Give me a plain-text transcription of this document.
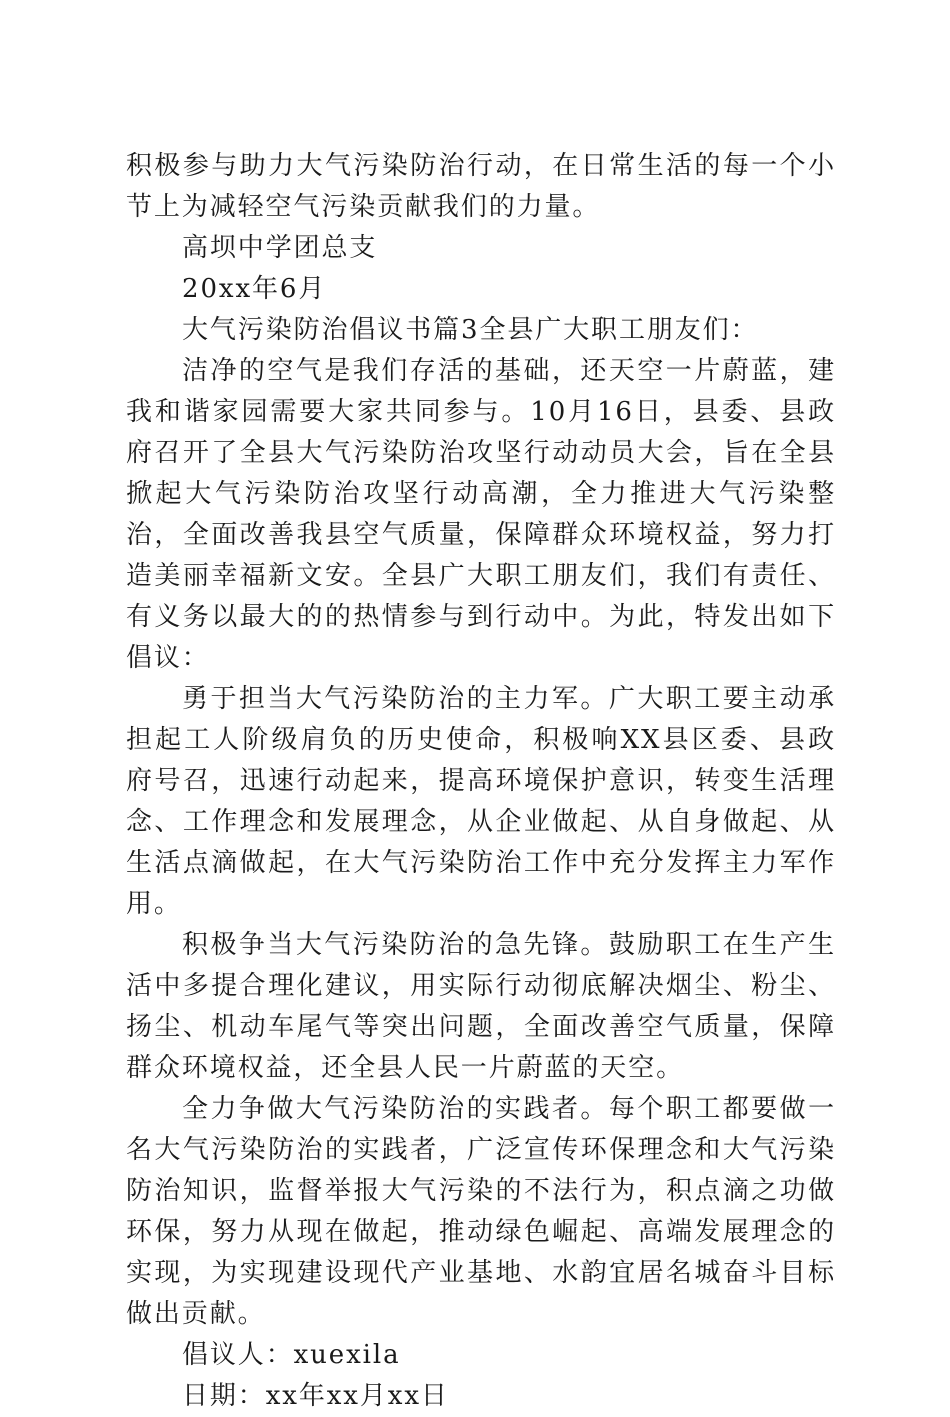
积极参与助力大气污染防治行动，在日常生活的每一个小节上为减轻空气污染贡献我们的力量。

高坝中学团总支

20xx年6月

大气污染防治倡议书篇3全县广大职工朋友们：

洁净的空气是我们存活的基础，还天空一片蔚蓝，建我和谐家园需要大家共同参与。10月16日，县委、县政府召开了全县大气污染防治攻坚行动动员大会，旨在全县掀起大气污染防治攻坚行动高潮，全力推进大气污染整治，全面改善我县空气质量，保障群众环境权益，努力打造美丽幸福新文安。全县广大职工朋友们，我们有责任、有义务以最大的的热情参与到行动中。为此，特发出如下倡议：

勇于担当大气污染防治的主力军。广大职工要主动承担起工人阶级肩负的历史使命，积极响XX县区委、县政府号召，迅速行动起来，提高环境保护意识，转变生活理念、工作理念和发展理念，从企业做起、从自身做起、从生活点滴做起，在大气污染防治工作中充分发挥主力军作用。

积极争当大气污染防治的急先锋。鼓励职工在生产生活中多提合理化建议，用实际行动彻底解决烟尘、粉尘、扬尘、机动车尾气等突出问题，全面改善空气质量，保障群众环境权益，还全县人民一片蔚蓝的天空。

全力争做大气污染防治的实践者。每个职工都要做一名大气污染防治的实践者，广泛宣传环保理念和大气污染防治知识，监督举报大气污染的不法行为，积点滴之功做环保，努力从现在做起，推动绿色崛起、高端发展理念的实现，为实现建设现代产业基地、水韵宜居名城奋斗目标做出贡献。

倡议人：xuexila

日期：xx年xx月xx日
